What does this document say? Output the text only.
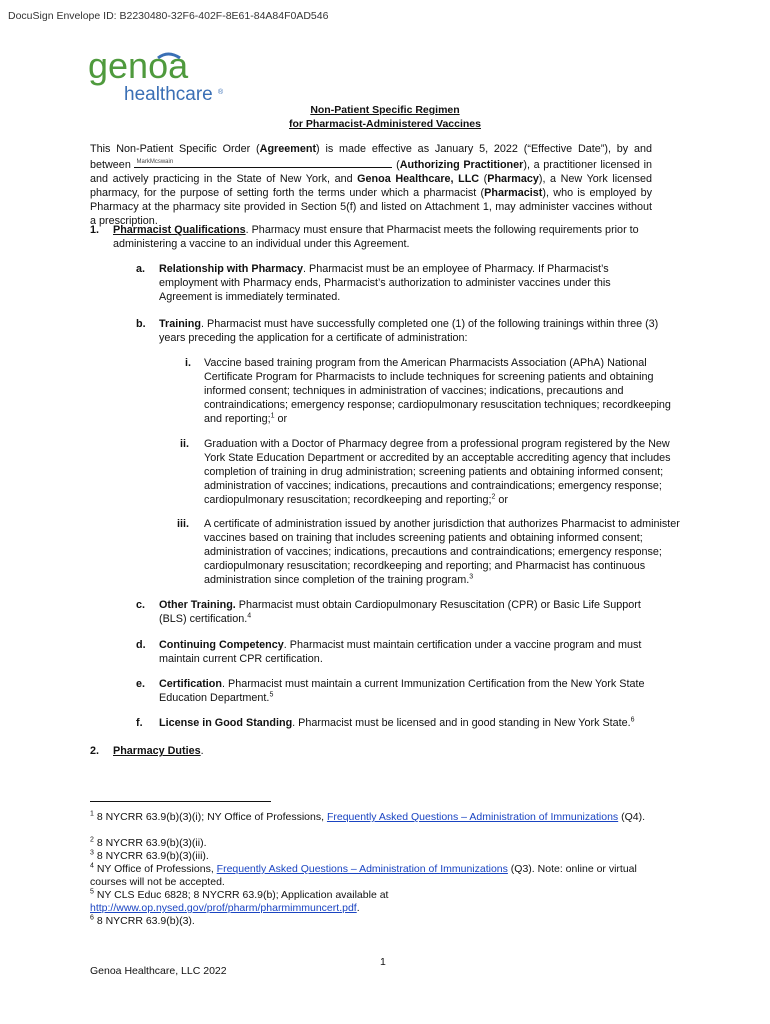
DocuSign Envelope ID: B2230480-32F6-402F-8E61-84A84F0AD546
genoa
healthcare ®
Non-Patient Specific Regimen
for Pharmacist-Administered Vaccines
This Non-Patient Specific Order (Agreement) is made effective as January 5, 2022 (“Effective Date”), by and between MarkMcswain	(Authorizing Practitioner), a practitioner licensed in and actively practicing in the State of New York, and Genoa Healthcare, LLC (Pharmacy), a New York licensed pharmacy, for the purpose of setting forth the terms under which a pharmacist (Pharmacist), who is employed by Pharmacy at the pharmacy site provided in Section 5(f) and listed on Attachment 1, may administer vaccines without a prescription.
1. Pharmacist Qualifications. Pharmacy must ensure that Pharmacist meets the following requirements prior to administering a vaccine to an individual under this Agreement.
a. Relationship with Pharmacy. Pharmacist must be an employee of Pharmacy. If Pharmacist’s employment with Pharmacy ends, Pharmacist’s authorization to administer vaccines under this Agreement is immediately terminated.
b. Training. Pharmacist must have successfully completed one (1) of the following trainings within three (3) years preceding the application for a certificate of administration:
i. Vaccine based training program from the American Pharmacists Association (APhA) National Certificate Program for Pharmacists to include techniques for screening patients and obtaining informed consent; techniques in administration of vaccines; indications, precautions and contraindications; emergency response; cardiopulmonary resuscitation techniques; recordkeeping and reporting;$^1$ or
ii. Graduation with a Doctor of Pharmacy degree from a professional program registered by the New York State Education Department or accredited by an acceptable accrediting agency that includes completion of training in drug administration; screening patients and obtaining informed consent; administration of vaccines; indications, precautions and contraindications; emergency response; cardiopulmonary resuscitation; recordkeeping and reporting;$^2$ or
iii. A certificate of administration issued by another jurisdiction that authorizes Pharmacist to administer vaccines based on training that includes screening patients and obtaining informed consent; administration of vaccines; indications, precautions and contraindications; emergency response; cardiopulmonary resuscitation; recordkeeping and reporting; and Pharmacist has continuous administration since completion of the training program.$^3$
c. Other Training. Pharmacist must obtain Cardiopulmonary Resuscitation (CPR) or Basic Life Support (BLS) certification.$^4$
d. Continuing Competency. Pharmacist must maintain certification under a vaccine program and must maintain current CPR certification.
e. Certification. Pharmacist must maintain a current Immunization Certification from the New York State Education Department.$^5$
f. License in Good Standing. Pharmacist must be licensed and in good standing in New York State.$^6$
2. Pharmacy Duties.
$^1$ 8 NYCRR 63.9(b)(3)(i); NY Office of Professions, Frequently Asked Questions – Administration of Immunizations (Q4).
$^2$ 8 NYCRR 63.9(b)(3)(ii).
$^3$ 8 NYCRR 63.9(b)(3)(iii).
$^4$ NY Office of Professions, Frequently Asked Questions – Administration of Immunizations (Q3). Note: online or virtual courses will not be accepted.
$^5$ NY CLS Educ 6828; 8 NYCRR 63.9(b); Application available at
http://www.op.nysed.gov/prof/pharm/pharmimmuncert.pdf.
$^6$ 8 NYCRR 63.9(b)(3).
1
Genoa Healthcare, LLC 2022
